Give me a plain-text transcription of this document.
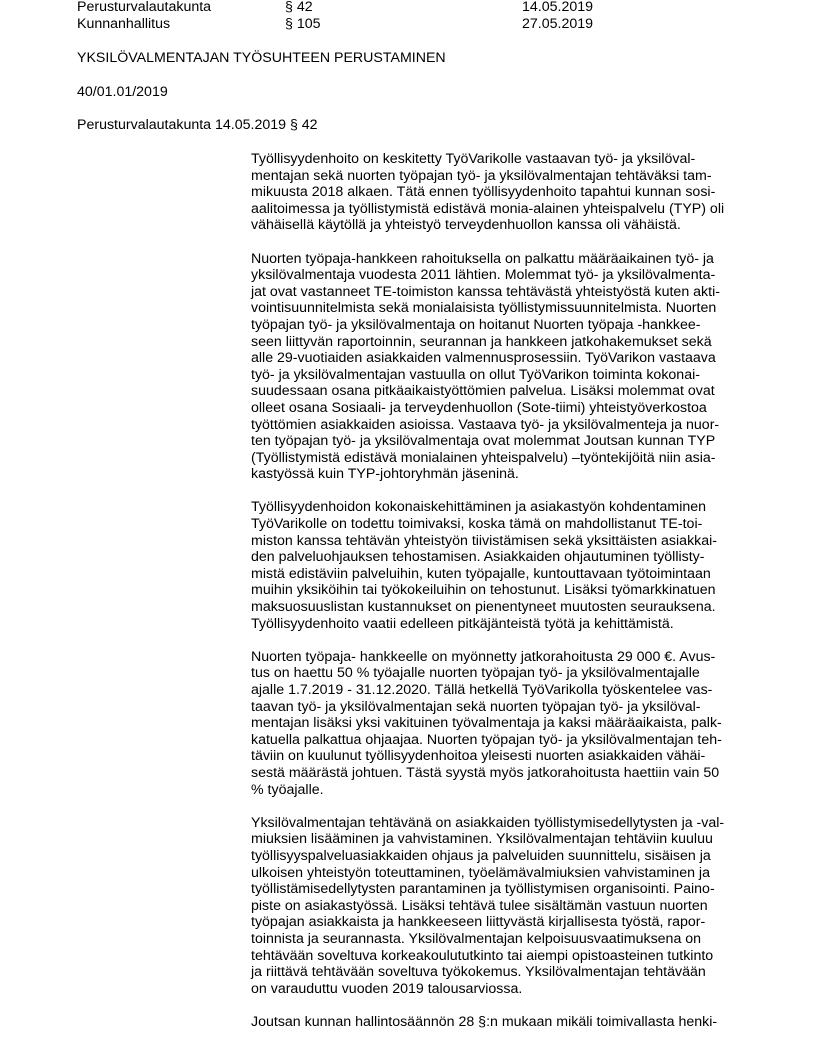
Perusturvalautakunta	§ 42	14.05.2019
Kunnanhallitus	§ 105	27.05.2019
YKSILÖVALMENTAJAN TYÖSUHTEEN PERUSTAMINEN
40/01.01/2019
Perusturvalautakunta 14.05.2019 § 42

Työllisyydenhoito on keskitetty TyöVarikolle vastaavan työ- ja yksilöval-
mentajan sekä nuorten työpajan työ- ja yksilövalmentajan tehtäväksi tam-
mikuusta 2018 alkaen. Tätä ennen työllisyydenhoito tapahtui kunnan sosi-
aalitoimessa ja työllistymistä edistävä monia-alainen yhteispalvelu (TYP) oli
vähäisellä käytöllä ja yhteistyö terveydenhuollon kanssa oli vähäistä.

Nuorten työpaja-hankkeen rahoituksella on palkattu määräaikainen työ- ja
yksilövalmentaja vuodesta 2011 lähtien. Molemmat työ- ja yksilövalmenta-
jat ovat vastanneet TE-toimiston kanssa tehtävästä yhteistyöstä kuten akti-
vointisuunnitelmista sekä monialaisista työllistymissuunnitelmista. Nuorten
työpajan työ- ja yksilövalmentaja on hoitanut Nuorten työpaja -hankkee-
seen liittyvän raportoinnin, seurannan ja hankkeen jatkohakemukset sekä
alle 29-vuotiaiden asiakkaiden valmennusprosessiin. TyöVarikon vastaava
työ- ja yksilövalmentajan vastuulla on ollut TyöVarikon toiminta kokonai-
suudessaan osana pitkäaikaistyöttömien palvelua. Lisäksi molemmat ovat
olleet osana Sosiaali- ja terveydenhuollon (Sote-tiimi) yhteistyöverkostoa
työttömien asiakkaiden asioissa. Vastaava työ- ja yksilövalmenteja ja nuor-
ten työpajan työ- ja yksilövalmentaja ovat molemmat Joutsan kunnan TYP
(Työllistymistä edistävä monialainen yhteispalvelu) –työntekijöitä niin asia-
kastyössä kuin TYP-johtoryhmän jäseninä.

Työllisyydenhoidon kokonaiskehittäminen ja asiakastyön kohdentaminen
TyöVarikolle on todettu toimivaksi, koska tämä on mahdollistanut TE-toi-
miston kanssa tehtävän yhteistyön tiivistämisen sekä yksittäisten asiakkai-
den palveluohjauksen tehostamisen. Asiakkaiden ohjautuminen työllisty-
mistä edistäviin palveluihin, kuten työpajalle, kuntouttavaan työtoimintaan
muihin yksiköihin tai työkokeiluihin on tehostunut. Lisäksi työmarkkinatuen
maksuosuuslistan kustannukset on pienentyneet muutosten seurauksena.
Työllisyydenhoito vaatii edelleen pitkäjänteistä työtä ja kehittämistä.

Nuorten työpaja- hankkeelle on myönnetty jatkorahoitusta 29 000 €. Avus-
tus on haettu 50 % työajalle nuorten työpajan työ- ja yksilövalmentajalle
ajalle 1.7.2019 - 31.12.2020. Tällä hetkellä TyöVarikolla työskentelee vas-
taavan työ- ja yksilövalmentajan sekä nuorten työpajan työ- ja yksilöval-
mentajan lisäksi yksi vakituinen työvalmentaja ja kaksi määräaikaista, palk-
katuella palkattua ohjaajaa. Nuorten työpajan työ- ja yksilövalmentajan teh-
täviin on kuulunut työllisyydenhoitoa yleisesti nuorten asiakkaiden vähäi-
sestä määrästä johtuen. Tästä syystä myös jatkorahoitusta haettiin vain 50
% työajalle.

Yksilövalmentajan tehtävänä on asiakkaiden työllistymisedellytysten ja -val-
miuksien lisääminen ja vahvistaminen. Yksilövalmentajan tehtäviin kuuluu
työllisyyspalveluasiakkaiden ohjaus ja palveluiden suunnittelu, sisäisen ja
ulkoisen yhteistyön toteuttaminen, työelämävalmiuksien vahvistaminen ja
työllistämisedellytysten parantaminen ja työllistymisen organisointi. Paino-
piste on asiakastyössä. Lisäksi tehtävä tulee sisältämän vastuun nuorten
työpajan asiakkaista ja hankkeeseen liittyvästä kirjallisesta työstä, rapor-
toinnista ja seurannasta. Yksilövalmentajan kelpoisuusvaatimuksena on
tehtävään soveltuva korkeakoulututkinto tai aiempi opistoasteinen tutkinto
ja riittävä tehtävään soveltuva työkokemus. Yksilövalmentajan tehtävään
on varauduttu vuoden 2019 talousarviossa.

Joutsan kunnan hallintosäännön 28 §:n mukaan mikäli toimivallasta henki-
